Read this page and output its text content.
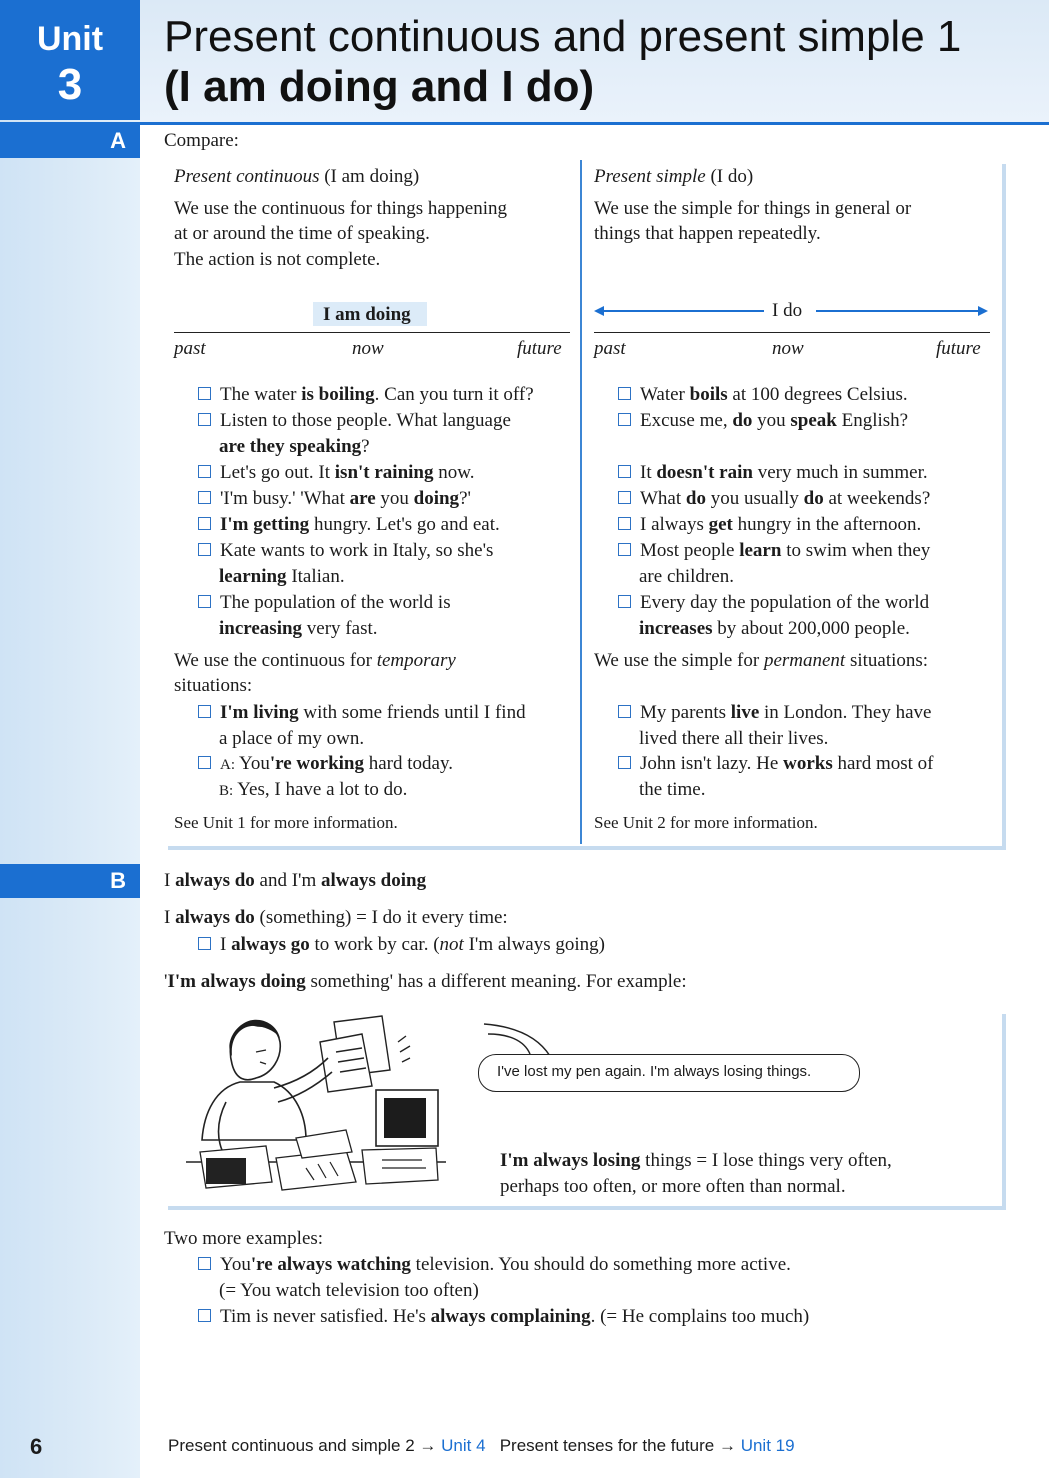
Unit
3
Present continuous and present simple 1
(I am doing and I do)
A	Compare:
Present continuous (I am doing)
We use the continuous for things happening
at or around the time of speaking.
The action is not complete.
I am doing
past	now	future
The water is boiling. Can you turn it off?
Listen to those people. What language
are they speaking?
Let's go out. It isn't raining now.
'I'm busy.' 'What are you doing?'
I'm getting hungry. Let's go and eat.
Kate wants to work in Italy, so she's
learning Italian.
The population of the world is
increasing very fast.
We use the continuous for temporary
situations:
I'm living with some friends until I find
a place of my own.
A: You're working hard today.
B: Yes, I have a lot to do.
See Unit 1 for more information.
Present simple (I do)
We use the simple for things in general or
things that happen repeatedly.
I do
past	now	future
Water boils at 100 degrees Celsius.
Excuse me, do you speak English?
It doesn't rain very much in summer.
What do you usually do at weekends?
I always get hungry in the afternoon.
Most people learn to swim when they
are children.
Every day the population of the world
increases by about 200,000 people.
We use the simple for permanent situations:
My parents live in London. They have
lived there all their lives.
John isn't lazy. He works hard most of
the time.
See Unit 2 for more information.
B	I always do and I'm always doing
I always do (something) = I do it every time:
I always go to work by car. (not I'm always going)
'I'm always doing something' has a different meaning. For example:
I've lost my pen again. I'm always losing things.
I'm always losing things = I lose things very often,
perhaps too often, or more often than normal.
Two more examples:
You're always watching television. You should do something more active.
(= You watch television too often)
Tim is never satisfied. He's always complaining. (= He complains too much)
6	Present continuous and simple 2 → Unit 4 Present tenses for the future → Unit 19
